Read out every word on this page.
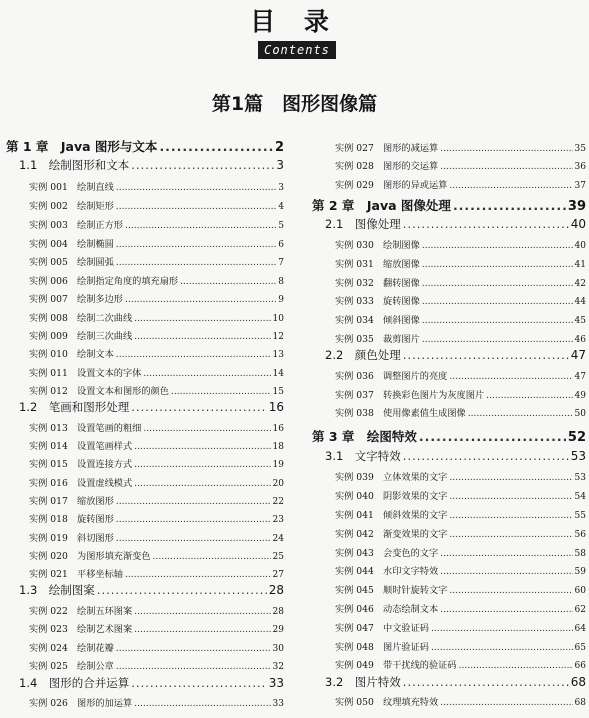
目 录
Contents
第1篇　图形图像篇
第 1 章　Java 图形与文本 .....	2
1.1　绘制图形和文本 .....	3
实例 001　绘制直线 .....	3
实例 002　绘制矩形 .....	4
实例 003　绘制正方形 .....	5
实例 004　绘制椭圆 .....	6
实例 005　绘制圆弧 .....	7
实例 006　绘制指定角度的填充扇形 .....	8
实例 007　绘制多边形 .....	9
实例 008　绘制二次曲线 .....	10
实例 009　绘制三次曲线 .....	12
实例 010　绘制文本 .....	13
实例 011　设置文本的字体 .....	14
实例 012　设置文本和图形的颜色 .....	15
1.2　笔画和图形处理 .....	16
实例 013　设置笔画的粗细 .....	16
实例 014　设置笔画样式 .....	18
实例 015　设置连接方式 .....	19
实例 016　设置虚线模式 .....	20
实例 017　缩放图形 .....	22
实例 018　旋转图形 .....	23
实例 019　斜切图形 .....	24
实例 020　为图形填充渐变色 .....	25
实例 021　平移坐标轴 .....	27
1.3　绘制图案 .....	28
实例 022　绘制五环图案 .....	28
实例 023　绘制艺术图案 .....	29
实例 024　绘制花瓣 .....	30
实例 025　绘制公章 .....	32
1.4　图形的合并运算 .....	33
实例 026　图形的加运算 .....	33
实例 027　图形的减运算 .....	35
实例 028　图形的交运算 .....	36
实例 029　图形的异或运算 .....	37
第 2 章　Java 图像处理 .....	39
2.1　图像处理 .....	40
实例 030　绘制图像 .....	40
实例 031　缩放图像 .....	41
实例 032　翻转图像 .....	42
实例 033　旋转图像 .....	44
实例 034　倾斜图像 .....	45
实例 035　裁剪图片 .....	46
2.2　颜色处理 .....	47
实例 036　调整图片的亮度 .....	47
实例 037　转换彩色图片为灰度图片 .....	49
实例 038　使用像素值生成图像 .....	50
第 3 章　绘图特效 .....	52
3.1　文字特效 .....	53
实例 039　立体效果的文字 .....	53
实例 040　阴影效果的文字 .....	54
实例 041　倾斜效果的文字 .....	55
实例 042　渐变效果的文字 .....	56
实例 043　会变色的文字 .....	58
实例 044　水印文字特效 .....	59
实例 045　顺时针旋转文字 .....	60
实例 046　动态绘制文本 .....	62
实例 047　中文验证码 .....	64
实例 048　图片验证码 .....	65
实例 049　带干扰线的验证码 .....	66
3.2　图片特效 .....	68
实例 050　纹理填充特效 .....	68
